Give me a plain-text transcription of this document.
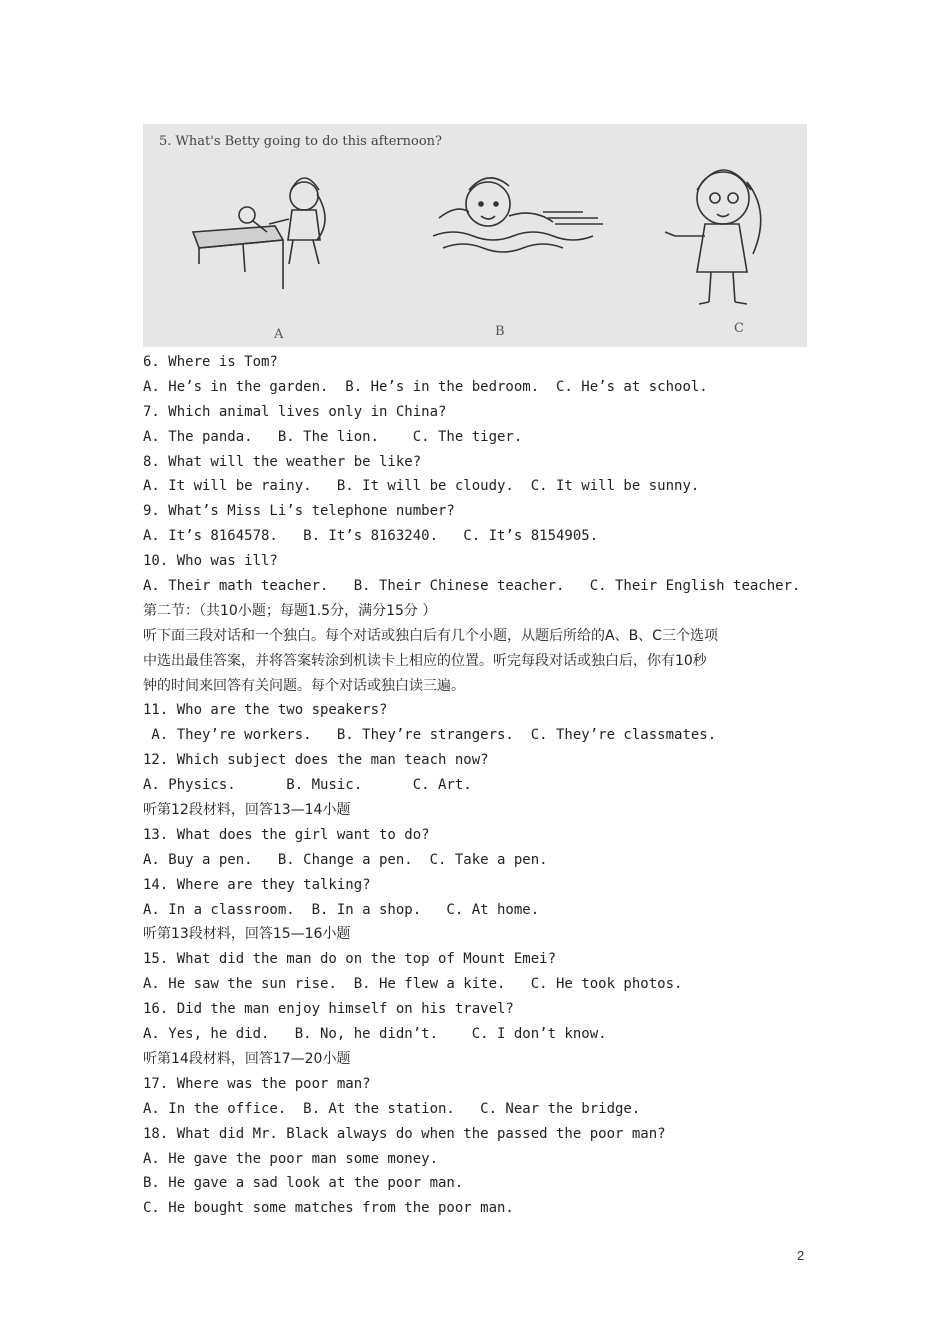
5. What's Betty going to do this afternoon?
A	B	C
6. Where is Tom?
A. He’s in the garden.  B. He’s in the bedroom.  C. He’s at school.
7. Which animal lives only in China?
A. The panda.   B. The lion.    C. The tiger.
8. What will the weather be like?
A. It will be rainy.   B. It will be cloudy.  C. It will be sunny.
9. What’s Miss Li’s telephone number?
A. It’s 8164578.   B. It’s 8163240.   C. It’s 8154905.
10. Who was ill?
A. Their math teacher.   B. Their Chinese teacher.   C. Their English teacher.
第二节：（共10小题；每题1.5分，满分15分 ）
听下面三段对话和一个独白。每个对话或独白后有几个小题，从题后所给的A、B、C三个选项
中选出最佳答案，并将答案转涂到机读卡上相应的位置。听完每段对话或独白后，你有10秒
钟的时间来回答有关问题。每个对话或独白读三遍。
11. Who are the two speakers?
A. They’re workers.   B. They’re strangers.  C. They’re classmates.
12. Which subject does the man teach now?
A. Physics.      B. Music.      C. Art.
听第12段材料，回答13—14小题
13. What does the girl want to do?
A. Buy a pen.   B. Change a pen.  C. Take a pen.
14. Where are they talking?
A. In a classroom.  B. In a shop.   C. At home.
听第13段材料，回答15—16小题
15. What did the man do on the top of Mount Emei?
A. He saw the sun rise.  B. He flew a kite.   C. He took photos.
16. Did the man enjoy himself on his travel?
A. Yes, he did.   B. No, he didn’t.    C. I don’t know.
听第14段材料，回答17—20小题
17. Where was the poor man?
A. In the office.  B. At the station.   C. Near the bridge.
18. What did Mr. Black always do when the passed the poor man?
A. He gave the poor man some money.
B. He gave a sad look at the poor man.
C. He bought some matches from the poor man.
2
